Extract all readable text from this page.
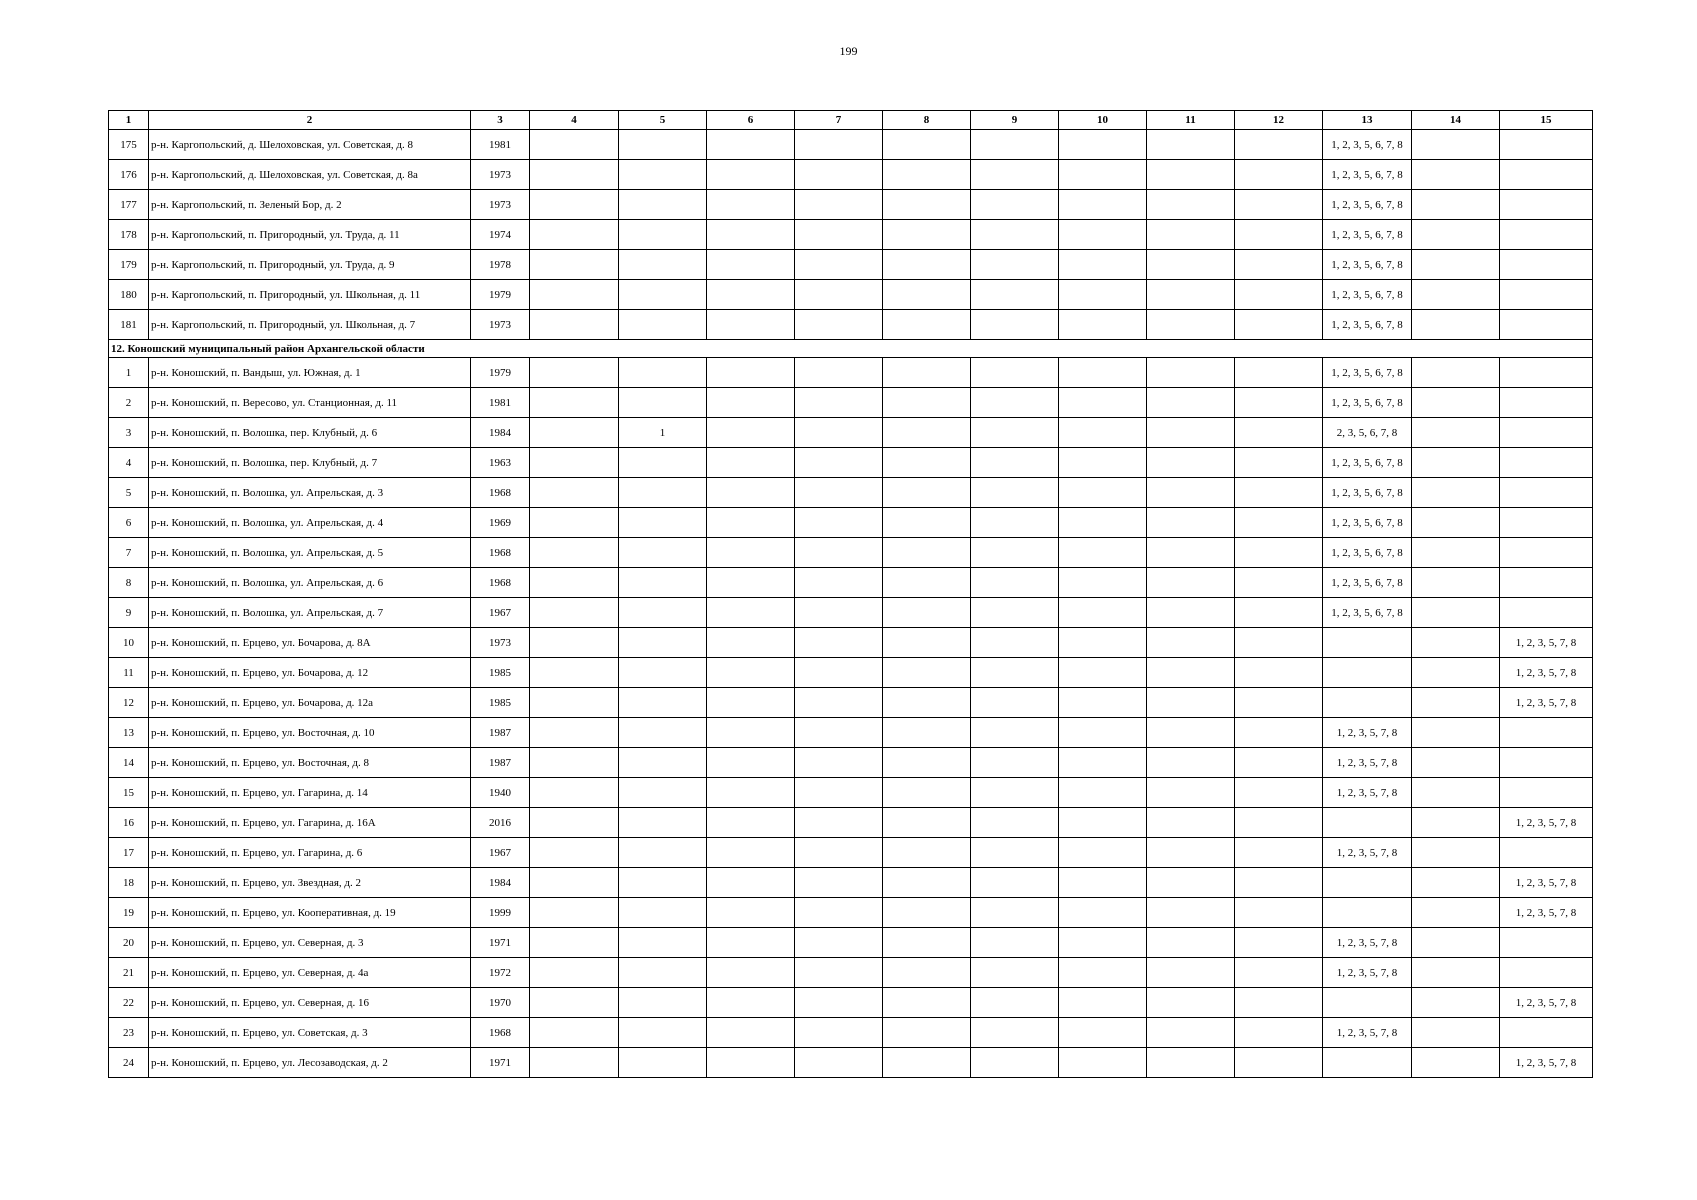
199
1	2	3	4	5	6	7	8	9	10	11	12	13	14	15
175	р-н. Каргопольский, д. Шелоховская, ул. Советская, д. 8	1981										1, 2, 3, 5, 6, 7, 8		
176	р-н. Каргопольский, д. Шелоховская, ул. Советская, д. 8а	1973										1, 2, 3, 5, 6, 7, 8		
177	р-н. Каргопольский, п. Зеленый Бор, д. 2	1973										1, 2, 3, 5, 6, 7, 8		
178	р-н. Каргопольский, п. Пригородный, ул. Труда, д. 11	1974										1, 2, 3, 5, 6, 7, 8		
179	р-н. Каргопольский, п. Пригородный, ул. Труда, д. 9	1978										1, 2, 3, 5, 6, 7, 8		
180	р-н. Каргопольский, п. Пригородный, ул. Школьная, д. 11	1979										1, 2, 3, 5, 6, 7, 8		
181	р-н. Каргопольский, п. Пригородный, ул. Школьная, д. 7	1973										1, 2, 3, 5, 6, 7, 8		
12. Коношский муниципальный район Архангельской области														
1	р-н. Коношский, п. Вандыш, ул. Южная, д. 1	1979										1, 2, 3, 5, 6, 7, 8		
2	р-н. Коношский, п. Вересово, ул. Станционная, д. 11	1981										1, 2, 3, 5, 6, 7, 8		
3	р-н. Коношский, п. Волошка, пер. Клубный, д. 6	1984		1								2, 3, 5, 6, 7, 8		
4	р-н. Коношский, п. Волошка, пер. Клубный, д. 7	1963										1, 2, 3, 5, 6, 7, 8		
5	р-н. Коношский, п. Волошка, ул. Апрельская, д. 3	1968										1, 2, 3, 5, 6, 7, 8		
6	р-н. Коношский, п. Волошка, ул. Апрельская, д. 4	1969										1, 2, 3, 5, 6, 7, 8		
7	р-н. Коношский, п. Волошка, ул. Апрельская, д. 5	1968										1, 2, 3, 5, 6, 7, 8		
8	р-н. Коношский, п. Волошка, ул. Апрельская, д. 6	1968										1, 2, 3, 5, 6, 7, 8		
9	р-н. Коношский, п. Волошка, ул. Апрельская, д. 7	1967										1, 2, 3, 5, 6, 7, 8		
10	р-н. Коношский, п. Ерцево, ул. Бочарова, д. 8А	1973												1, 2, 3, 5, 7, 8
11	р-н. Коношский, п. Ерцево, ул. Бочарова, д. 12	1985												1, 2, 3, 5, 7, 8
12	р-н. Коношский, п. Ерцево, ул. Бочарова, д. 12а	1985												1, 2, 3, 5, 7, 8
13	р-н. Коношский, п. Ерцево, ул. Восточная, д. 10	1987										1, 2, 3, 5, 7, 8		
14	р-н. Коношский, п. Ерцево, ул. Восточная, д. 8	1987										1, 2, 3, 5, 7, 8		
15	р-н. Коношский, п. Ерцево, ул. Гагарина, д. 14	1940										1, 2, 3, 5, 7, 8		
16	р-н. Коношский, п. Ерцево, ул. Гагарина, д. 16А	2016												1, 2, 3, 5, 7, 8
17	р-н. Коношский, п. Ерцево, ул. Гагарина, д. 6	1967										1, 2, 3, 5, 7, 8		
18	р-н. Коношский, п. Ерцево, ул. Звездная, д. 2	1984												1, 2, 3, 5, 7, 8
19	р-н. Коношский, п. Ерцево, ул. Кооперативная, д. 19	1999												1, 2, 3, 5, 7, 8
20	р-н. Коношский, п. Ерцево, ул. Северная, д. 3	1971										1, 2, 3, 5, 7, 8		
21	р-н. Коношский, п. Ерцево, ул. Северная, д. 4а	1972										1, 2, 3, 5, 7, 8		
22	р-н. Коношский, п. Ерцево, ул. Северная, д. 16	1970												1, 2, 3, 5, 7, 8
23	р-н. Коношский, п. Ерцево, ул. Советская, д. 3	1968										1, 2, 3, 5, 7, 8		
24	р-н. Коношский, п. Ерцево, ул. Лесозаводская, д. 2	1971												1, 2, 3, 5, 7, 8
